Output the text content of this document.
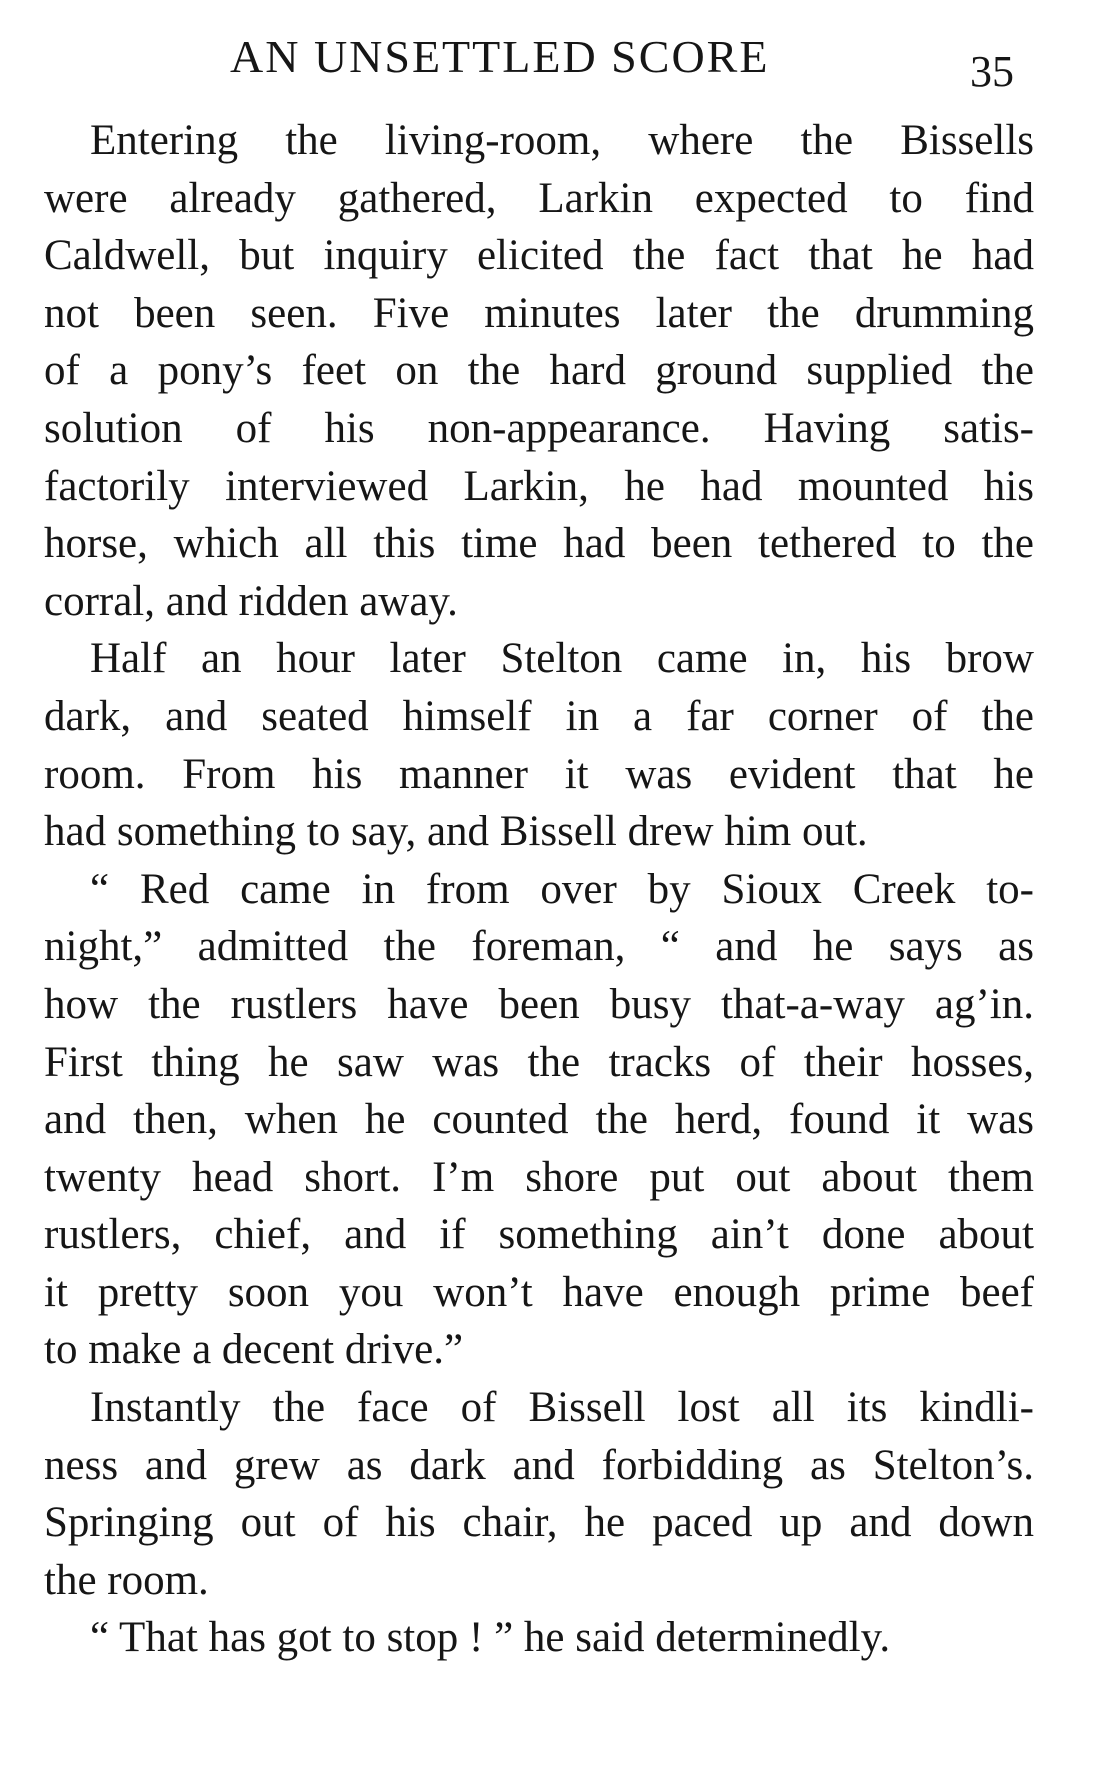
AN UNSETTLED SCORE	35
Entering the living-room, where the Bissells
were already gathered, Larkin expected to find
Caldwell, but inquiry elicited the fact that he had
not been seen. Five minutes later the drumming
of a pony’s feet on the hard ground supplied the
solution of his non-appearance. Having satis-
factorily interviewed Larkin, he had mounted his
horse, which all this time had been tethered to the
corral, and ridden away.
Half an hour later Stelton came in, his brow
dark, and seated himself in a far corner of the
room. From his manner it was evident that he
had something to say, and Bissell drew him out.
“ Red came in from over by Sioux Creek to-
night,” admitted the foreman, “ and he says as
how the rustlers have been busy that-a-way ag’in.
First thing he saw was the tracks of their hosses,
and then, when he counted the herd, found it was
twenty head short. I’m shore put out about them
rustlers, chief, and if something ain’t done about
it pretty soon you won’t have enough prime beef
to make a decent drive.”
Instantly the face of Bissell lost all its kindli-
ness and grew as dark and forbidding as Stelton’s.
Springing out of his chair, he paced up and down
the room.
“ That has got to stop ! ” he said determinedly.
